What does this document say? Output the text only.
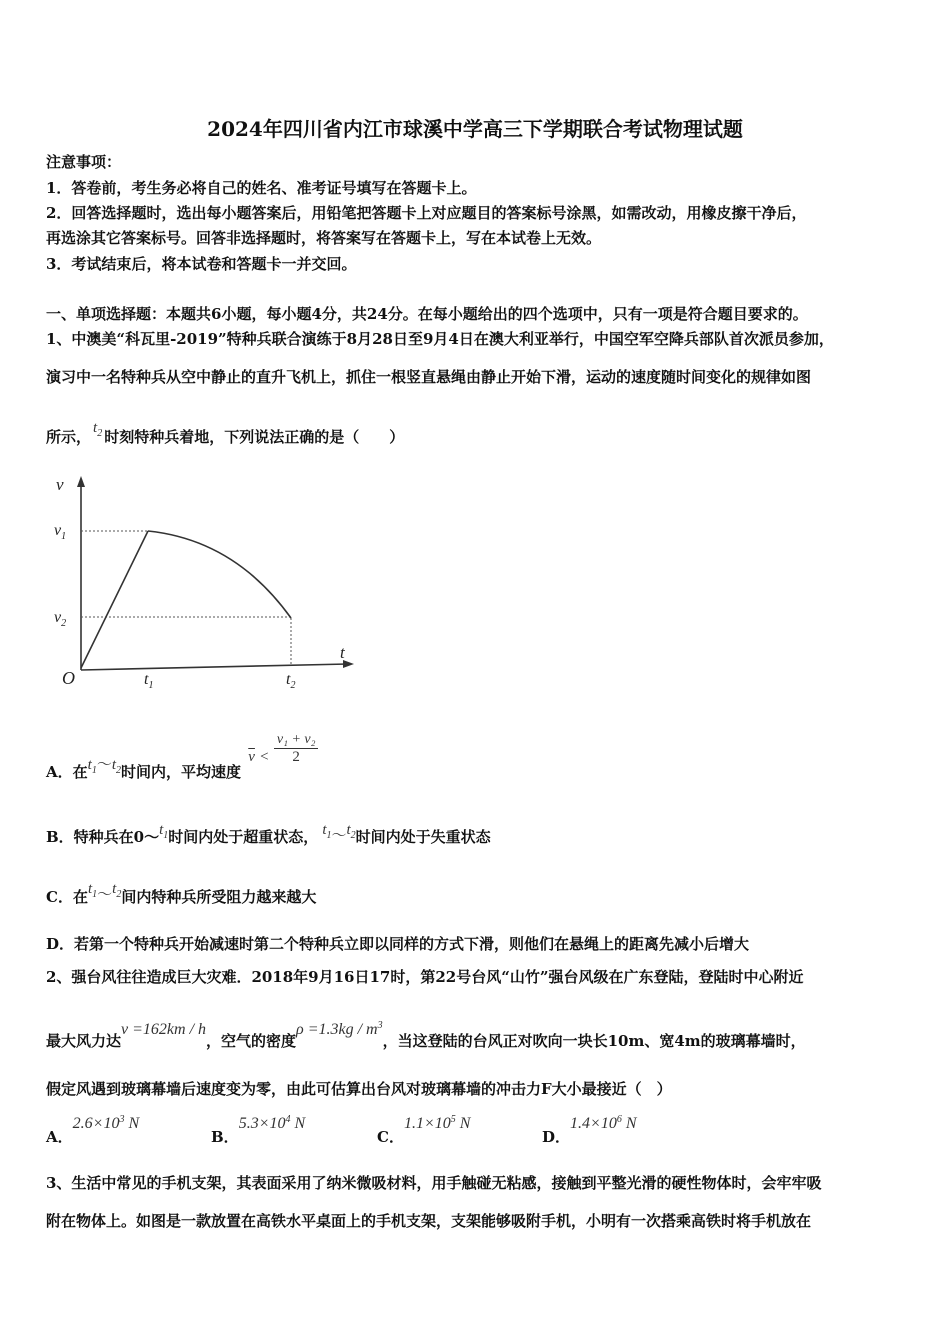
2024年四川省内江市球溪中学高三下学期联合考试物理试题
注意事项：
1．答卷前，考生务必将自己的姓名、准考证号填写在答题卡上。
2．回答选择题时，选出每小题答案后，用铅笔把答题卡上对应题目的答案标号涂黑，如需改动，用橡皮擦干净后，
再选涂其它答案标号。回答非选择题时，将答案写在答题卡上，写在本试卷上无效。
3．考试结束后，将本试卷和答题卡一并交回。
一、单项选择题：本题共6小题，每小题4分，共24分。在每小题给出的四个选项中，只有一项是符合题目要求的。
1、中澳美“科瓦里-2019”特种兵联合演练于8月28日至9月4日在澳大利亚举行，中国空军空降兵部队首次派员参加，
演习中一名特种兵从空中静止的直升飞机上，抓住一根竖直悬绳由静止开始下滑，运动的速度随时间变化的规律如图
所示， $t_2$ 时刻特种兵着地，下列说法正确的是（　　）
v
t
O
$v_1$
$v_2$
$t_1$	$t_2$
A．在$t_1\sim t_2$时间内，平均速度 $\overline{v} < \frac{\text{v₁ + v₂}}{2}$
B．特种兵在$0\sim t_1$时间内处于超重状态， $t_1\sim t_2$时间内处于失重状态
C．在$t_1\sim t_2$间内特种兵所受阻力越来越大
D．若第一个特种兵开始减速时第二个特种兵立即以同样的方式下滑，则他们在悬绳上的距离先减小后增大
2、强台风往往造成巨大灾难．2018年9月16日17时，第22号台风“山竹”强台风级在广东登陆，登陆时中心附近
最大风力达v =162km / h，空气的密度$\rho =1.3kg / m^3$，当这登陆的台风正对吹向一块长10m、宽4m的玻璃幕墙时，
假定风遇到玻璃幕墙后速度变为零，由此可估算出台风对玻璃幕墙的冲击力F大小最接近（　）
A．$2.6\times 10^3$ N
B．$5.3\times 10^4$ N
C．$1.1\times 10^5$ N
D．$1.4\times 10^6$ N
3、生活中常见的手机支架，其表面采用了纳米微吸材料，用手触碰无粘感，接触到平整光滑的硬性物体时，会牢牢吸
附在物体上。如图是一款放置在高铁水平桌面上的手机支架，支架能够吸附手机，小明有一次搭乘高铁时将手机放在
